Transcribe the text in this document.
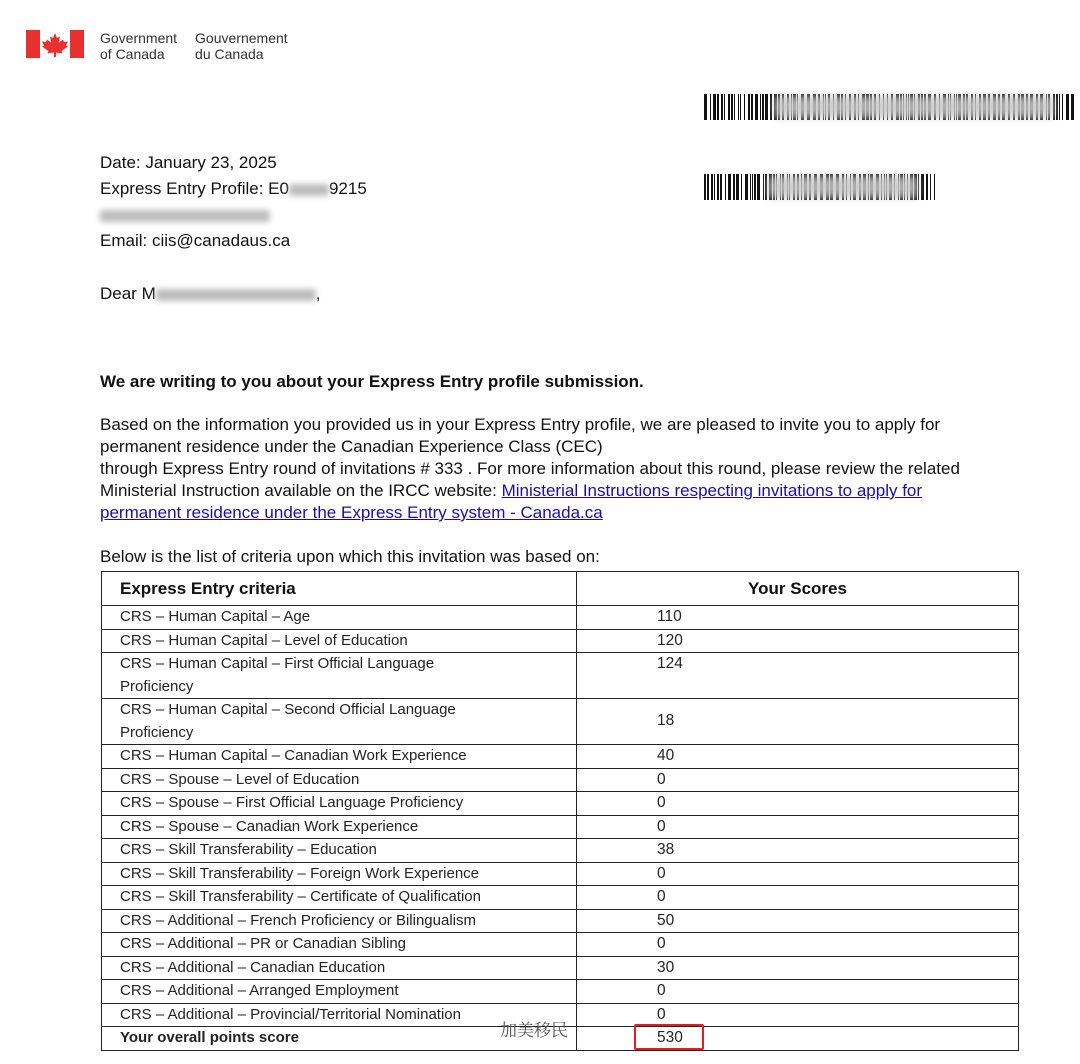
Government
of Canada
Gouvernement
du Canada
Date: January 23, 2025
Express Entry Profile: E0 9215
Email: ciis@canadaus.ca
Dear M	,
We are writing to you about your Express Entry profile submission.

Based on the information you provided us in your Express Entry profile, we are pleased to invite you to apply for

permanent residence under the Canadian Experience Class (CEC)

through Express Entry round of invitations # 333 . For more information about this round, please review the related

Ministerial Instruction available on the IRCC website: Ministerial Instructions respecting invitations to apply for

permanent residence under the Express Entry system - Canada.ca

Below is the list of criteria upon which this invitation was based on:
Express Entry criteria	Your Scores
CRS – Human Capital – Age	110
CRS – Human Capital – Level of Education	120
CRS – Human Capital – First Official Language Proficiency	124
CRS – Human Capital – Second Official Language Proficiency	18
CRS – Human Capital – Canadian Work Experience	40
CRS – Spouse – Level of Education	0
CRS – Spouse – First Official Language Proficiency	0
CRS – Spouse – Canadian Work Experience	0
CRS – Skill Transferability – Education	38
CRS – Skill Transferability – Foreign Work Experience	0
CRS – Skill Transferability – Certificate of Qualification	0
CRS – Additional – French Proficiency or Bilingualism	50
CRS – Additional – PR or Canadian Sibling	0
CRS – Additional – Canadian Education	30
CRS – Additional – Arranged Employment	0
CRS – Additional – Provincial/Territorial Nomination	0
Your overall points score	530
加美移民
